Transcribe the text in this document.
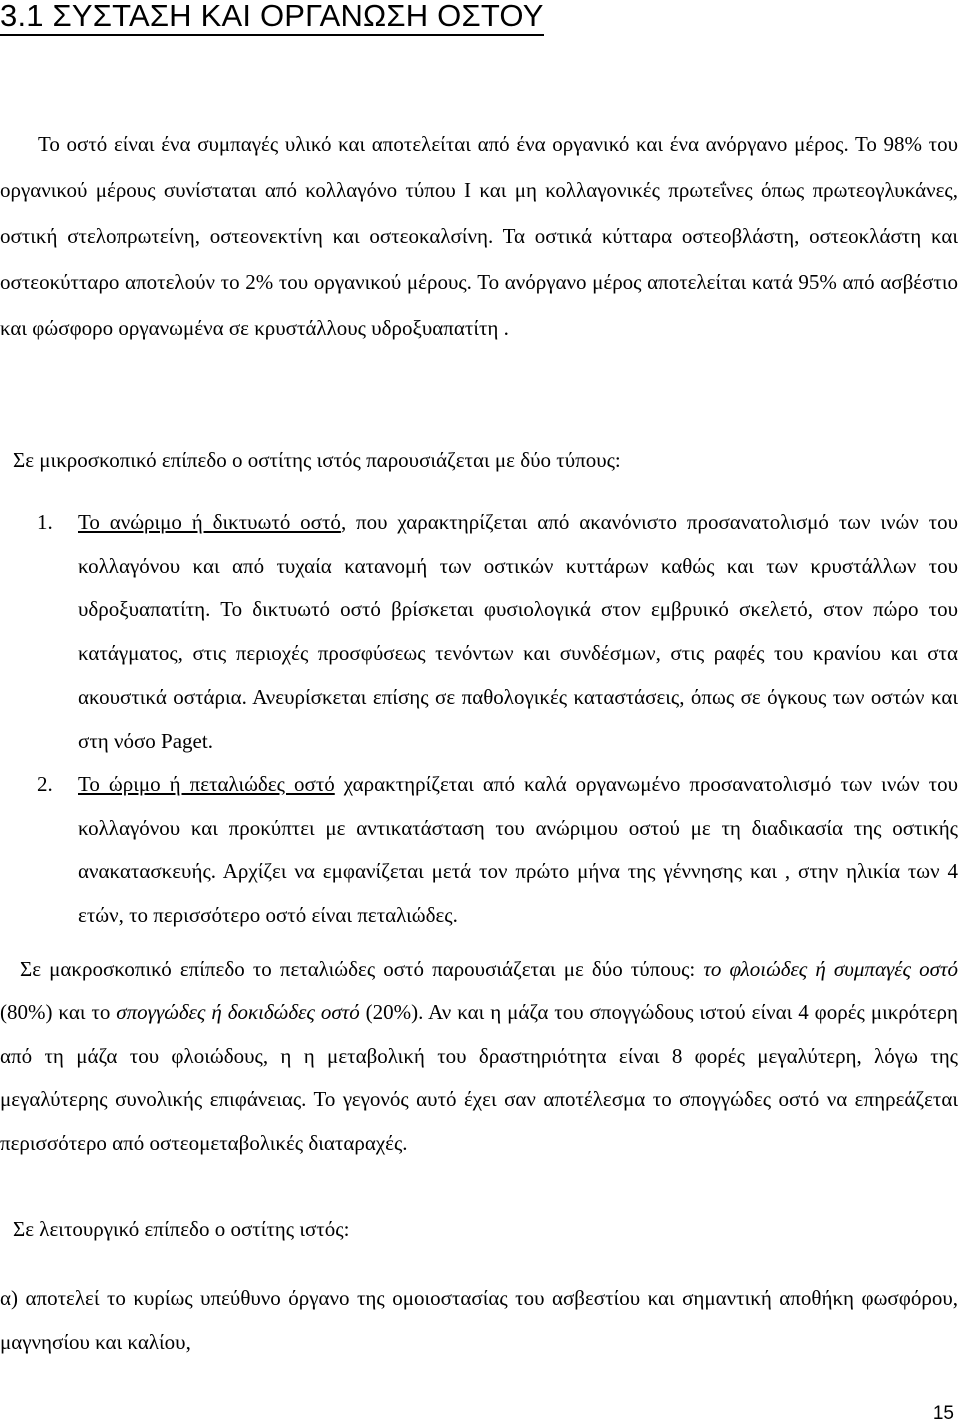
3.1 ΣΥΣΤΑΣΗ ΚΑΙ ΟΡΓΑΝΩΣΗ ΟΣΤΟΥ

Το οστό είναι ένα συμπαγές υλικό και αποτελείται από ένα οργανικό και ένα ανόργανο μέρος. Το 98% του οργανικού μέρους συνίσταται από κολλαγόνο τύπου I και μη κολλαγονικές πρωτεΐνες όπως πρωτεογλυκάνες, οστική στελοπρωτείνη, οστεονεκτίνη και οστεοκαλσίνη. Τα οστικά κύτταρα οστεοβλάστη, οστεοκλάστη και οστεοκύτταρο αποτελούν το 2% του οργανικού μέρους. Το ανόργανο μέρος αποτελείται κατά 95% από ασβέστιο και φώσφορο οργανωμένα σε κρυστάλλους υδροξυαπατίτη .

Σε μικροσκοπικό επίπεδο ο οστίτης ιστός παρουσιάζεται με δύο τύπους:

1. Το ανώριμο ή δικτυωτό οστό, που χαρακτηρίζεται από ακανόνιστο προσανατολισμό των ινών του κολλαγόνου και από τυχαία κατανομή των οστικών κυττάρων καθώς και των κρυστάλλων του υδροξυαπατίτη. Το δικτυωτό οστό βρίσκεται φυσιολογικά στον εμβρυικό σκελετό, στον πώρο του κατάγματος, στις περιοχές προσφύσεως τενόντων και συνδέσμων, στις ραφές του κρανίου και στα ακουστικά οστάρια. Ανευρίσκεται επίσης σε παθολογικές καταστάσεις, όπως σε όγκους των οστών και στη νόσο Paget.
2. Το ώριμο ή πεταλιώδες οστό χαρακτηρίζεται από καλά οργανωμένο προσανατολισμό των ινών του κολλαγόνου και προκύπτει με αντικατάσταση του ανώριμου οστού με τη διαδικασία της οστικής ανακατασκευής. Αρχίζει να εμφανίζεται μετά τον πρώτο μήνα της γέννησης και , στην ηλικία των 4 ετών, το περισσότερο οστό είναι πεταλιώδες.

Σε μακροσκοπικό επίπεδο το πεταλιώδες οστό παρουσιάζεται με δύο τύπους: το φλοιώδες ή συμπαγές οστό (80%) και το σπογγώδες ή δοκιδώδες οστό (20%). Αν και η μάζα του σπογγώδους ιστού είναι 4 φορές μικρότερη από τη μάζα του φλοιώδους, η η μεταβολική του δραστηριότητα είναι 8 φορές μεγαλύτερη, λόγω της μεγαλύτερης συνολικής επιφάνειας. Το γεγονός αυτό έχει σαν αποτέλεσμα το σπογγώδες οστό να επηρεάζεται περισσότερο από οστεομεταβολικές διαταραχές.

Σε λειτουργικό επίπεδο ο οστίτης ιστός:

α) αποτελεί το κυρίως υπεύθυνο όργανο της ομοιοστασίας του ασβεστίου και σημαντική αποθήκη φωσφόρου, μαγνησίου και καλίου,

15
